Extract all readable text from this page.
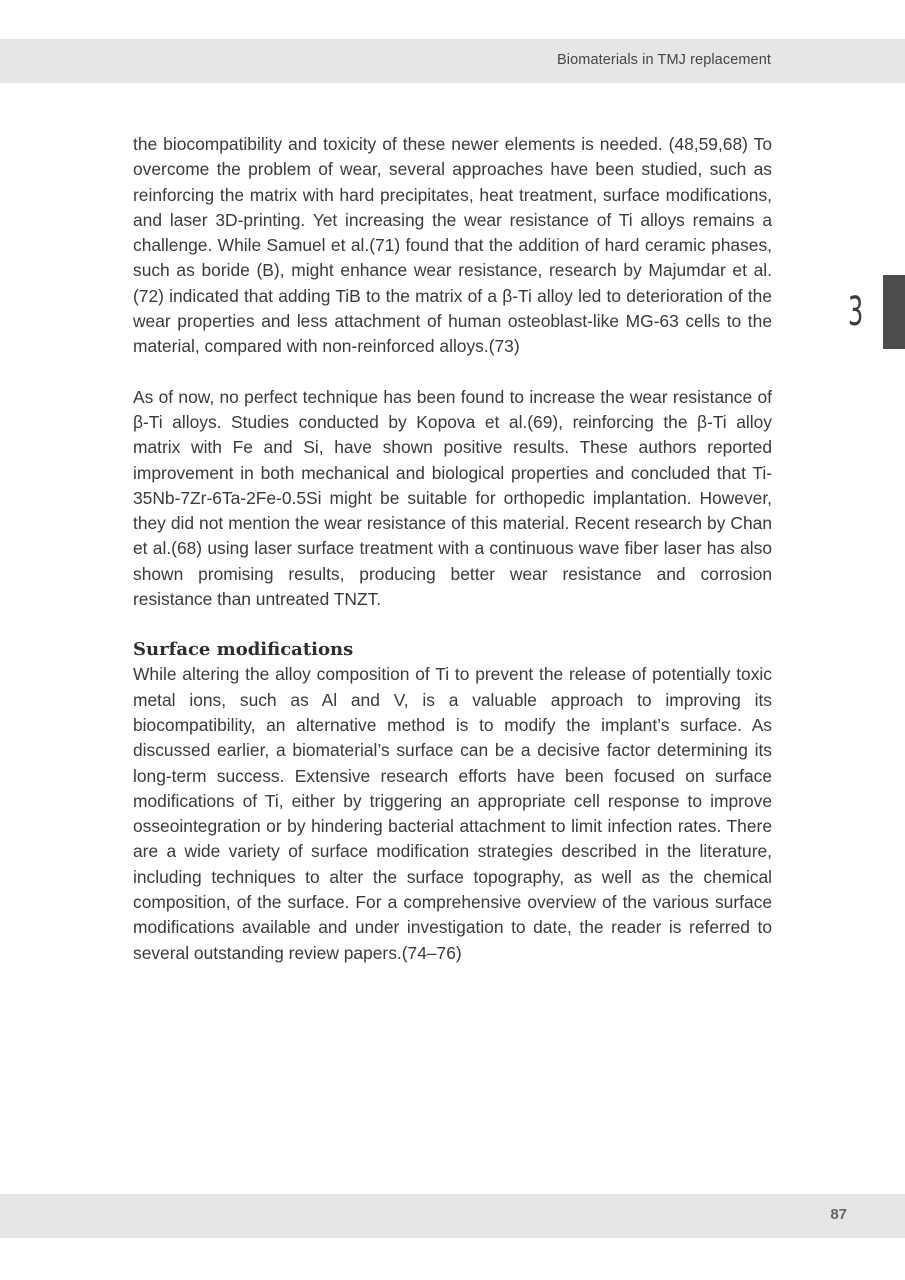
Biomaterials in TMJ replacement
3

the biocompatibility and toxicity of these newer elements is needed. (48,59,68) To overcome the problem of wear, several approaches have been studied, such as reinforcing the matrix with hard precipitates, heat treatment, surface modifications, and laser 3D-printing. Yet increasing the wear resistance of Ti alloys remains a challenge. While Samuel et al.(71) found that the addition of hard ceramic phases, such as boride (B), might enhance wear resistance, research by Majumdar et al.(72) indicated that adding TiB to the matrix of a β-Ti alloy led to deterioration of the wear properties and less attachment of human osteoblast-like MG-63 cells to the material, compared with non-reinforced alloys.(73)

As of now, no perfect technique has been found to increase the wear resistance of β-Ti alloys. Studies conducted by Kopova et al.(69), reinforcing the β-Ti alloy matrix with Fe and Si, have shown positive results. These authors reported improvement in both mechanical and biological properties and concluded that Ti-35Nb-7Zr-6Ta-2Fe-0.5Si might be suitable for orthopedic implantation. However, they did not mention the wear resistance of this material. Recent research by Chan et al.(68) using laser surface treatment with a continuous wave fiber laser has also shown promising results, producing better wear resistance and corrosion resistance than untreated TNZT.

Surface modifications

While altering the alloy composition of Ti to prevent the release of potentially toxic metal ions, such as Al and V, is a valuable approach to improving its biocompatibility, an alternative method is to modify the implant’s surface. As discussed earlier, a biomaterial’s surface can be a decisive factor determining its long-term success. Extensive research efforts have been focused on surface modifications of Ti, either by triggering an appropriate cell response to improve osseointegration or by hindering bacterial attachment to limit infection rates. There are a wide variety of surface modification strategies described in the literature, including techniques to alter the surface topography, as well as the chemical composition, of the surface. For a comprehensive overview of the various surface modifications available and under investigation to date, the reader is referred to several outstanding review papers.(74–76)

87
